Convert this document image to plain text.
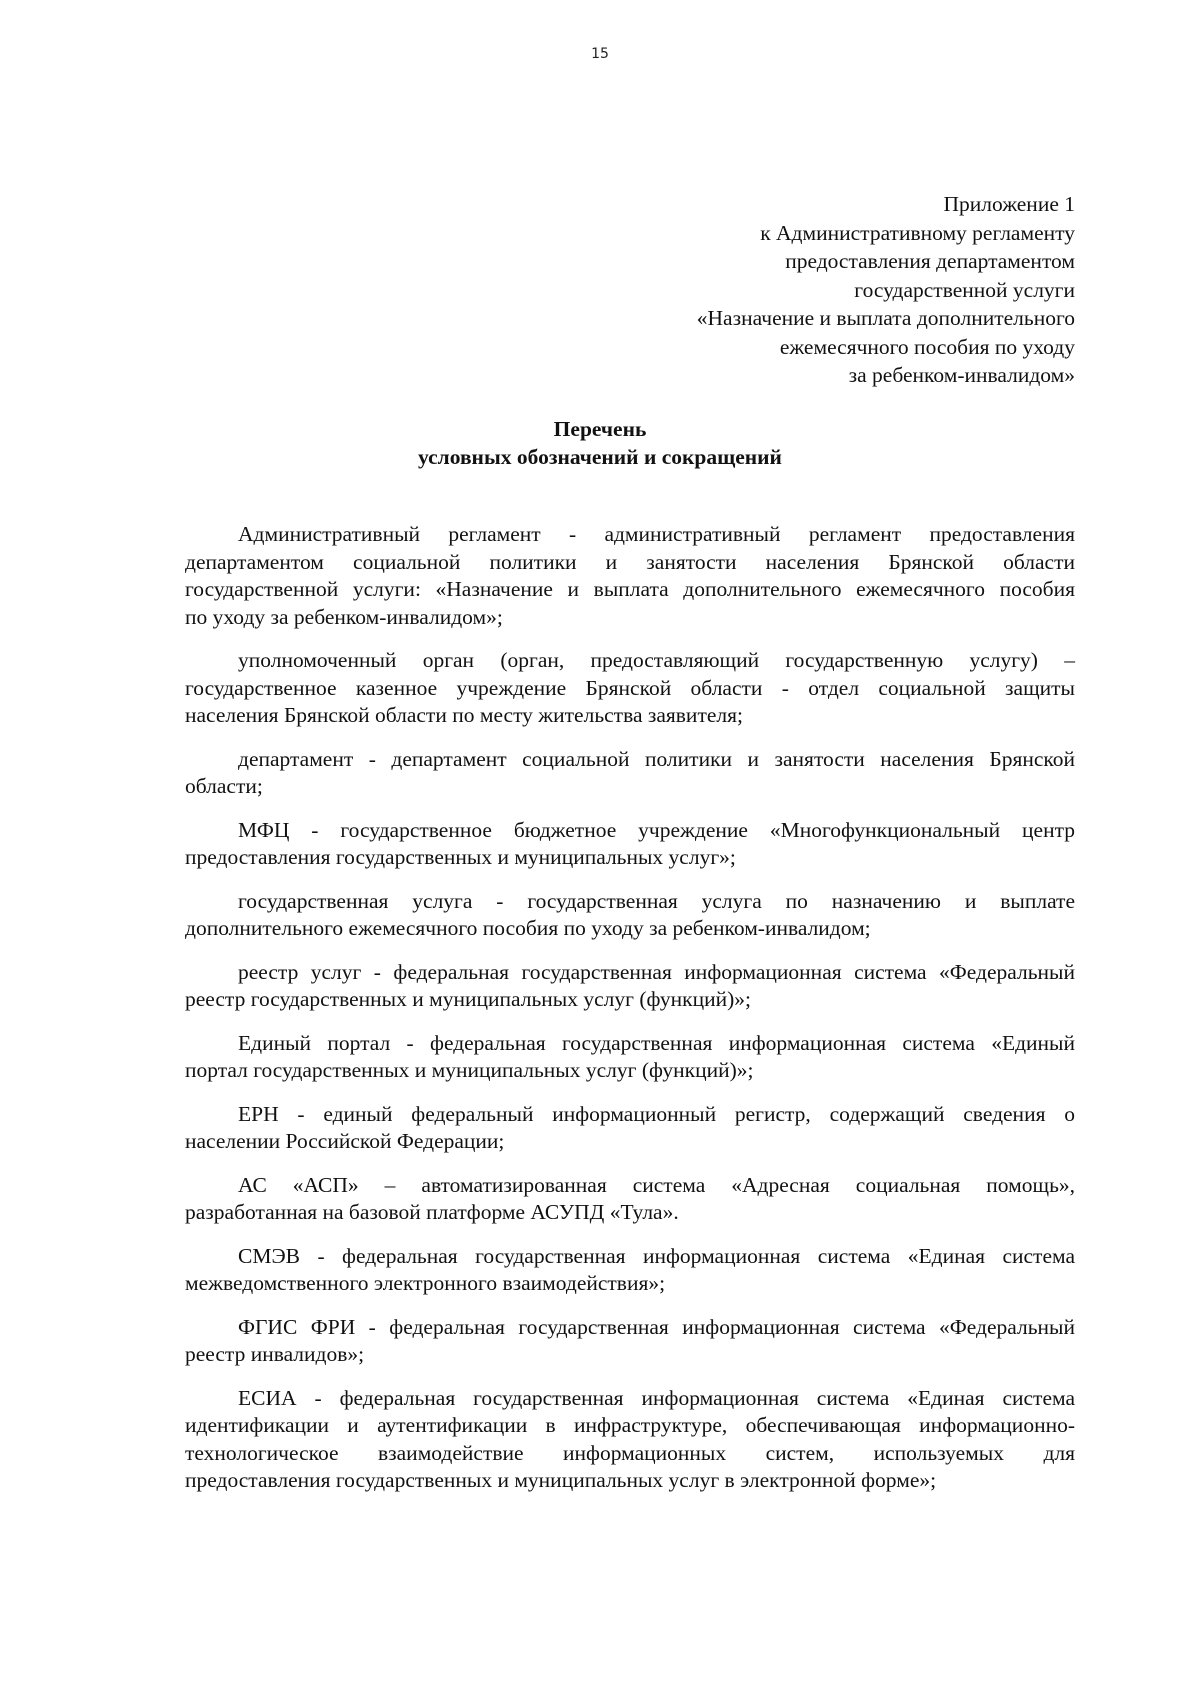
15
Приложение 1
к Административному регламенту
предоставления департаментом
государственной услуги
«Назначение и выплата дополнительного
ежемесячного пособия по уходу
за ребенком-инвалидом»
Перечень
условных обозначений и сокращений

Административный регламент - административный регламент предоставления
департаментом социальной политики и занятости населения Брянской области
государственной услуги: «Назначение и выплата дополнительного ежемесячного пособия
по уходу за ребенком-инвалидом»;

уполномоченный орган (орган, предоставляющий государственную услугу) –
государственное казенное учреждение Брянской области - отдел социальной защиты
населения Брянской области по месту жительства заявителя;

департамент - департамент социальной политики и занятости населения Брянской
области;

МФЦ - государственное бюджетное учреждение «Многофункциональный центр
предоставления государственных и муниципальных услуг»;

государственная услуга - государственная услуга по назначению и выплате
дополнительного ежемесячного пособия по уходу за ребенком-инвалидом;

реестр услуг - федеральная государственная информационная система «Федеральный
реестр государственных и муниципальных услуг (функций)»;

Единый портал - федеральная государственная информационная система «Единый
портал государственных и муниципальных услуг (функций)»;

ЕРН - единый федеральный информационный регистр, содержащий сведения о
населении Российской Федерации;

АС «АСП» – автоматизированная система «Адресная социальная помощь»,
разработанная на базовой платформе АСУПД «Тула».

СМЭВ - федеральная государственная информационная система «Единая система
межведомственного электронного взаимодействия»;

ФГИС ФРИ - федеральная государственная информационная система «Федеральный
реестр инвалидов»;

ЕСИА - федеральная государственная информационная система «Единая система
идентификации и аутентификации в инфраструктуре, обеспечивающая информационно-
технологическое взаимодействие информационных систем, используемых для
предоставления государственных и муниципальных услуг в электронной форме»;
